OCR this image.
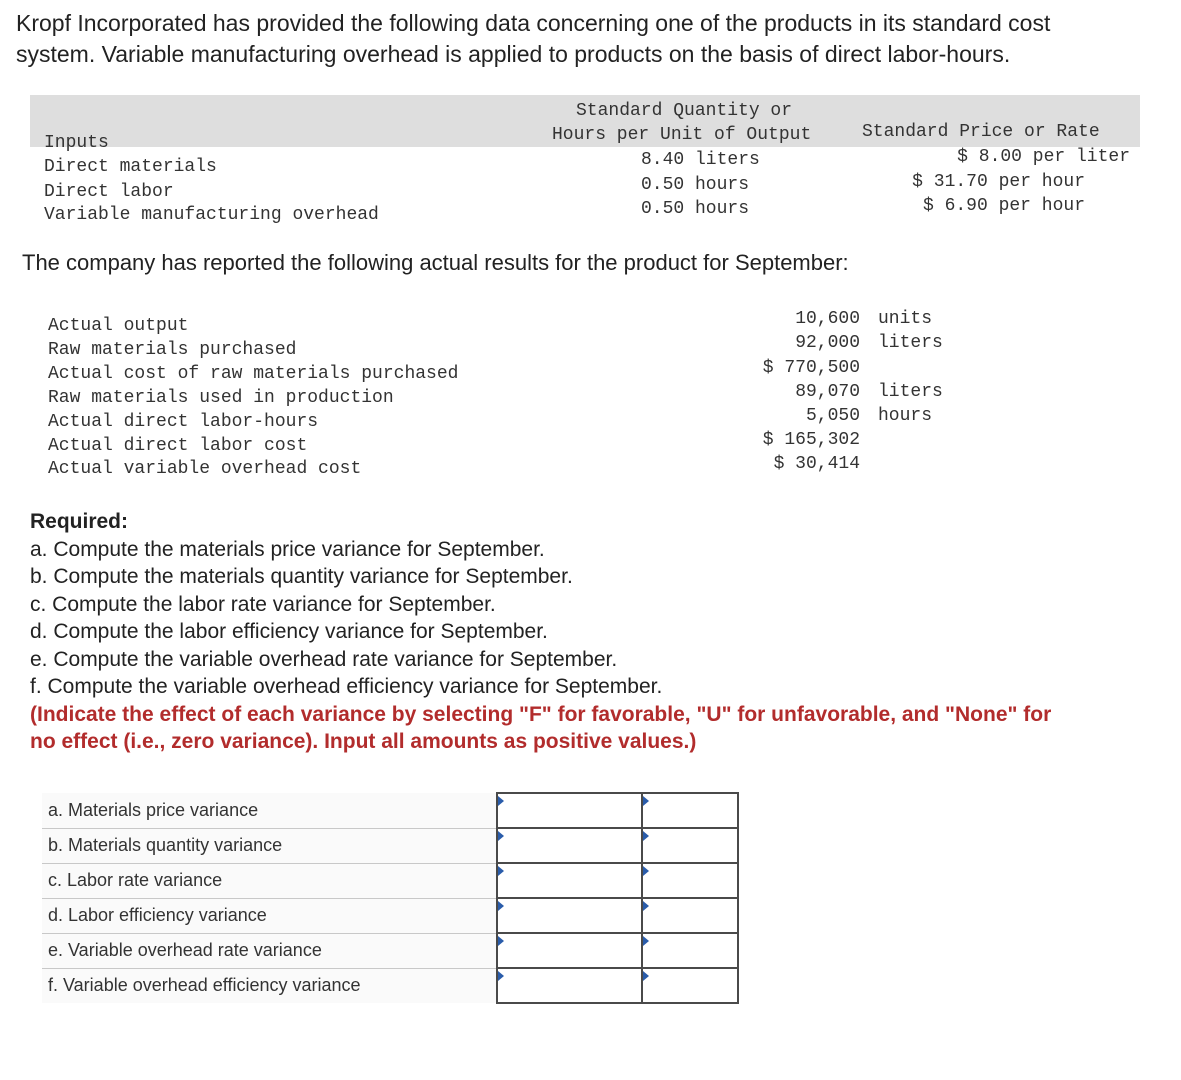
Kropf Incorporated has provided the following data concerning one of the products in its standard cost
system. Variable manufacturing overhead is applied to products on the basis of direct labor-hours.
Standard Quantity or
Hours per Unit of Output	Standard Price or Rate
Inputs
Direct materials	8.40 liters	$ 8.00 per liter
Direct labor	0.50 hours	$ 31.70 per hour
Variable manufacturing overhead	0.50 hours	$ 6.90 per hour
The company has reported the following actual results for the product for September:
Actual output	10,600 units
Raw materials purchased	92,000 liters
Actual cost of raw materials purchased	$ 770,500
Raw materials used in production	89,070 liters
Actual direct labor-hours	5,050 hours
Actual direct labor cost	$ 165,302
Actual variable overhead cost	$ 30,414
Required:
a. Compute the materials price variance for September.
b. Compute the materials quantity variance for September.
c. Compute the labor rate variance for September.
d. Compute the labor efficiency variance for September.
e. Compute the variable overhead rate variance for September.
f. Compute the variable overhead efficiency variance for September.
(Indicate the effect of each variance by selecting "F" for favorable, "U" for unfavorable, and "None" for
no effect (i.e., zero variance). Input all amounts as positive values.)
a. Materials price variance	

b. Materials quantity variance	

c. Labor rate variance	

d. Labor efficiency variance	

e. Variable overhead rate variance	

f. Variable overhead efficiency variance	
